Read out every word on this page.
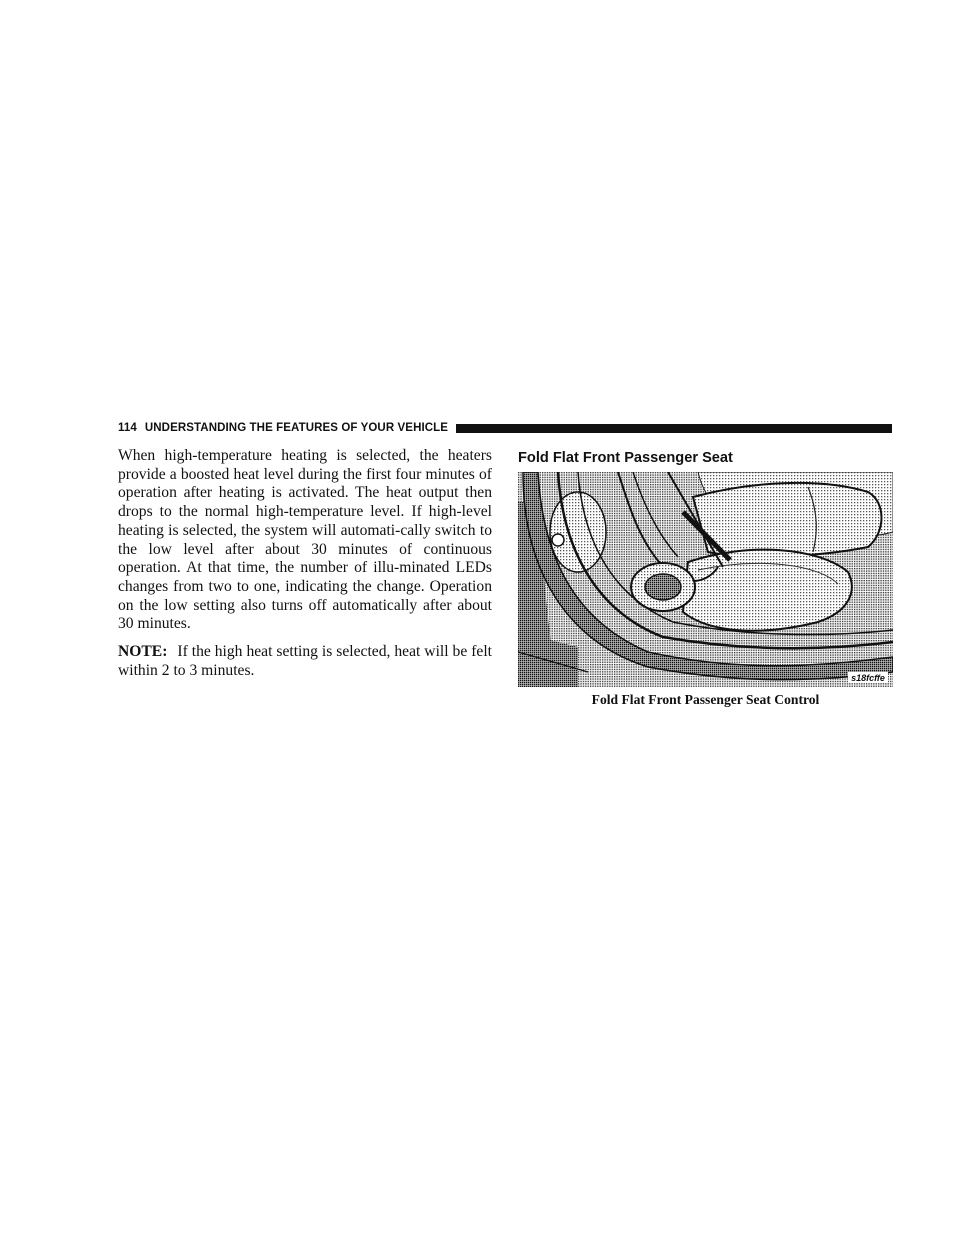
114 UNDERSTANDING THE FEATURES OF YOUR VEHICLE

When high-temperature heating is selected, the heaters provide a boosted heat level during the first four minutes of operation after heating is activated. The heat output then drops to the normal high-temperature level. If high-level heating is selected, the system will automati-cally switch to the low level after about 30 minutes of continuous operation. At that time, the number of illu-minated LEDs changes from two to one, indicating the change. Operation on the low setting also turns off automatically after about 30 minutes.

NOTE: If the high heat setting is selected, heat will be felt within 2 to 3 minutes.

Fold Flat Front Passenger Seat
s18fcffe
Fold Flat Front Passenger Seat Control
